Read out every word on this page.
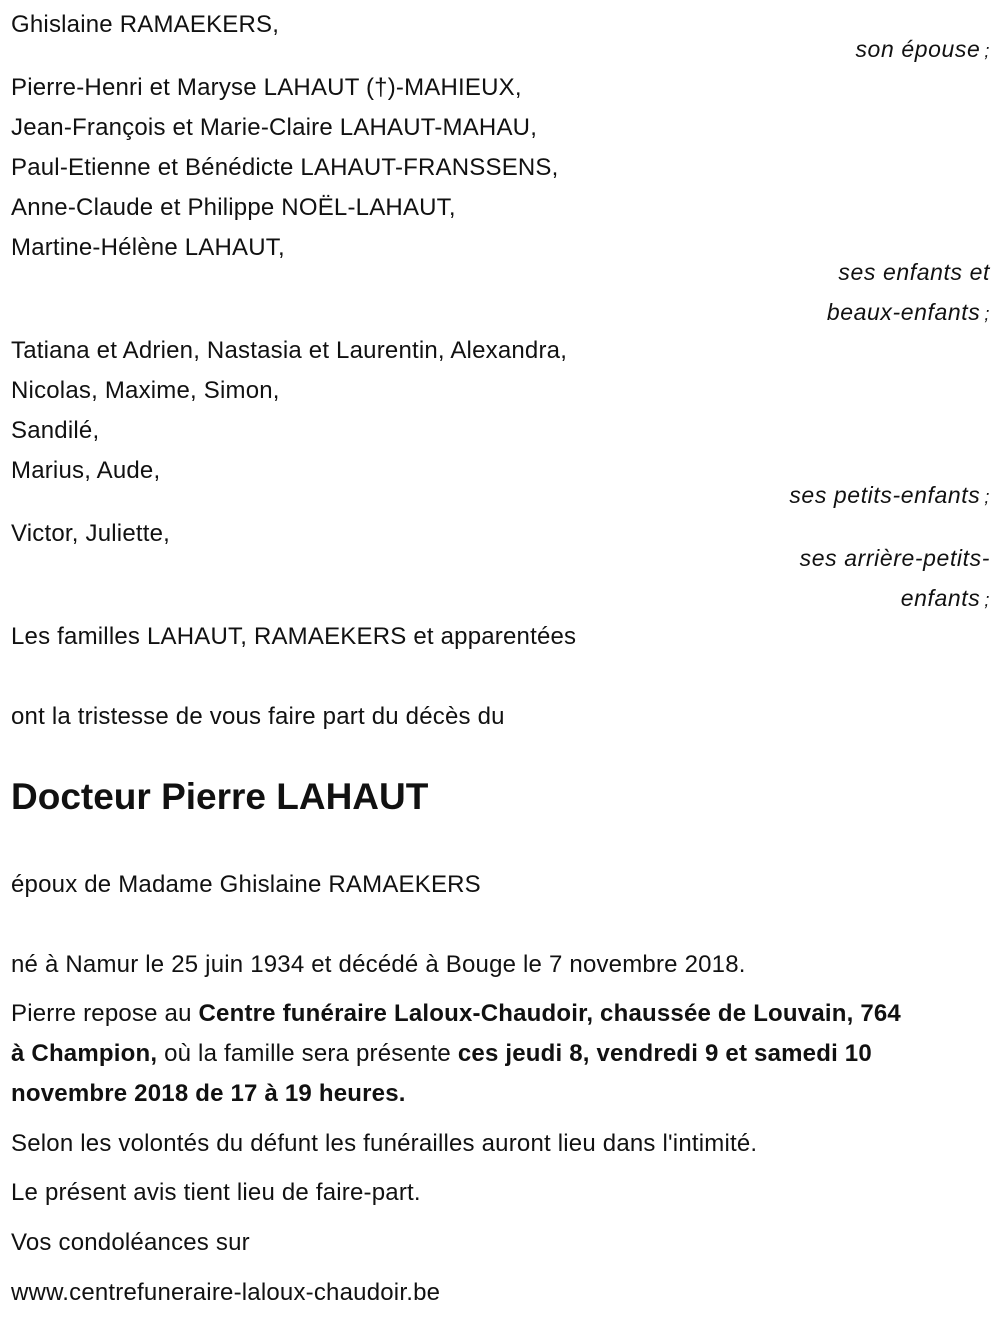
Ghislaine RAMAEKERS,
son épouse ;
Pierre-Henri et Maryse LAHAUT (†)-MAHIEUX,
Jean-François et Marie-Claire LAHAUT-MAHAU,
Paul-Etienne et Bénédicte LAHAUT-FRANSSENS,
Anne-Claude et Philippe NOËL-LAHAUT,
Martine-Hélène LAHAUT,
ses enfants et
beaux-enfants ;
Tatiana et Adrien, Nastasia et Laurentin, Alexandra,
Nicolas, Maxime, Simon,
Sandilé,
Marius, Aude,
ses petits-enfants ;
Victor, Juliette,
ses arrière-petits-
enfants ;
Les familles LAHAUT, RAMAEKERS et apparentées
ont la tristesse de vous faire part du décès du
Docteur Pierre LAHAUT
époux de Madame Ghislaine RAMAEKERS
né à Namur le 25 juin 1934 et décédé à Bouge le 7 novembre 2018.
Pierre repose au Centre funéraire Laloux-Chaudoir, chaussée de Louvain, 764 à Champion, où la famille sera présente ces jeudi 8, vendredi 9 et samedi 10 novembre 2018 de 17 à 19 heures.
Selon les volontés du défunt les funérailles auront lieu dans l'intimité.
Le présent avis tient lieu de faire-part.
Vos condoléances sur
www.centrefuneraire-laloux-chaudoir.be
